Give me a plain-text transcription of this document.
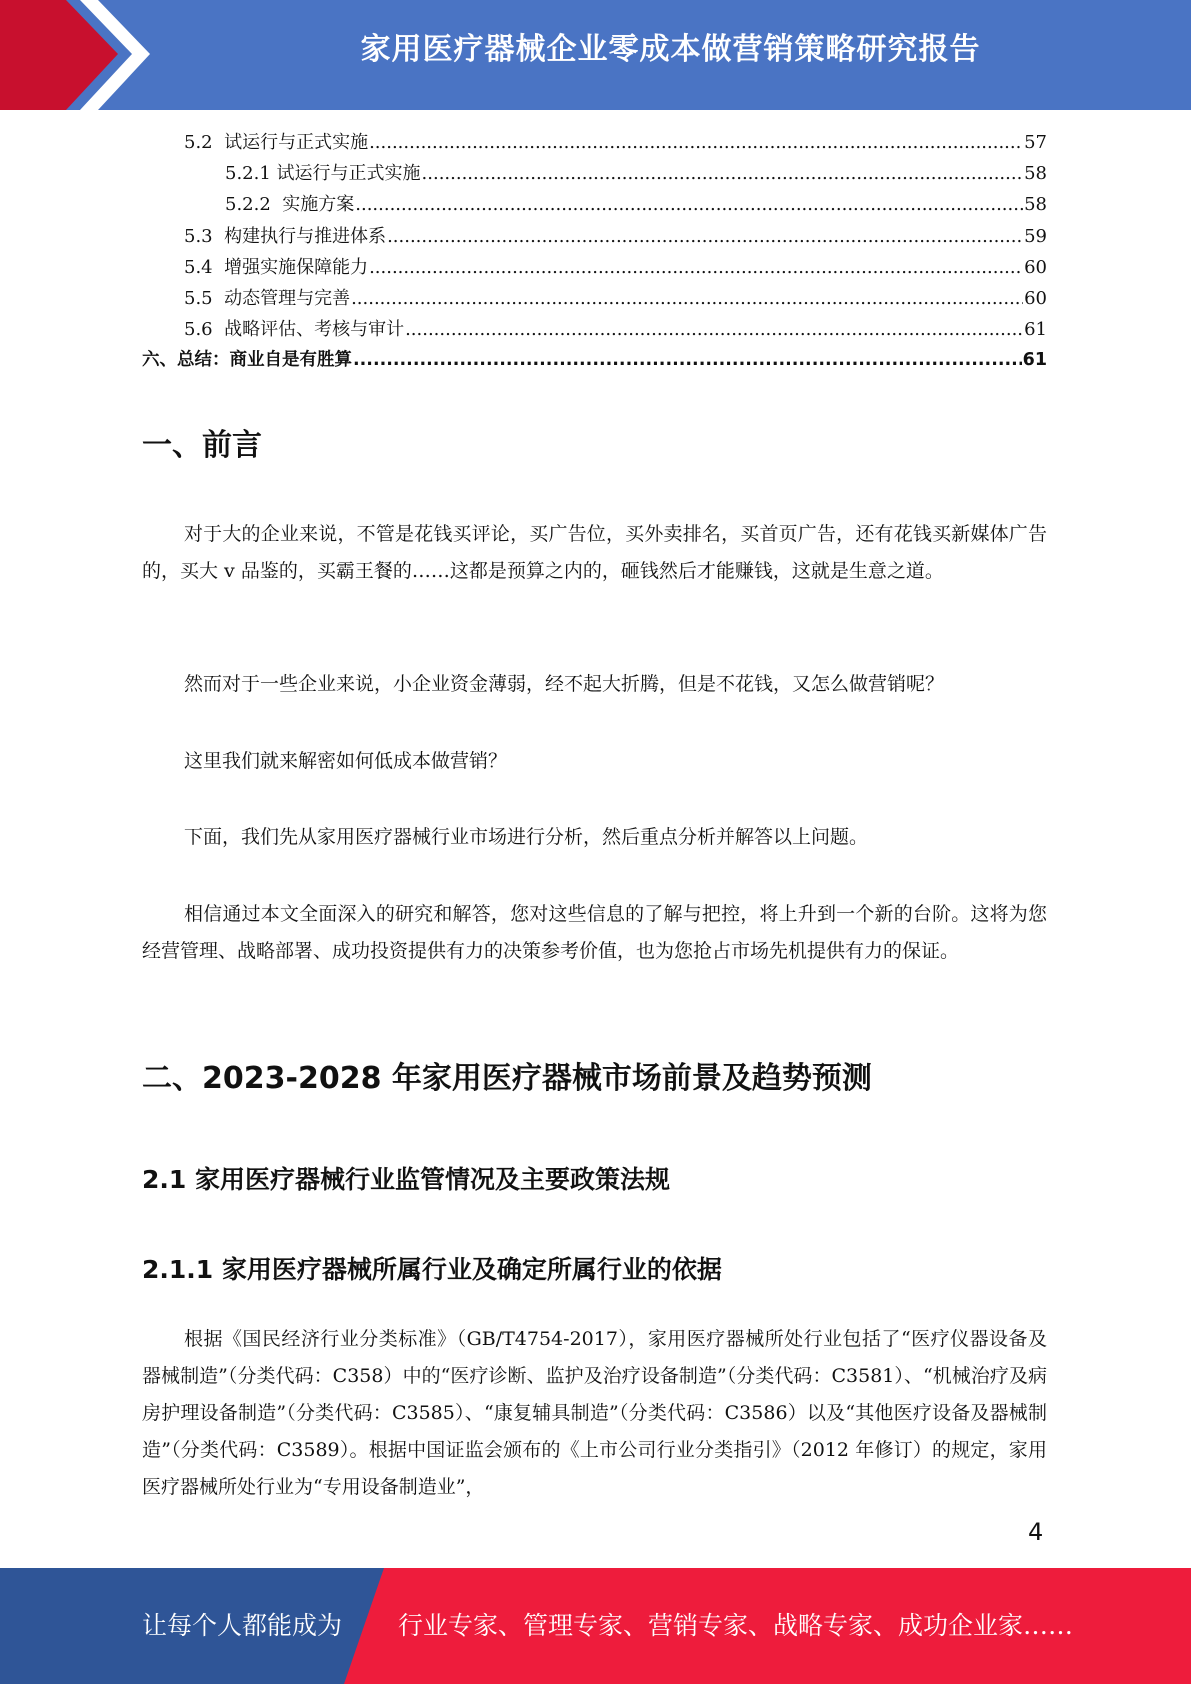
家用医疗器械企业零成本做营销策略研究报告
5.2  试运行与正式实施 .....	57
5.2.1 试运行与正式实施 .....	58
5.2.2  实施方案 .....	58
5.3  构建执行与推进体系 .....	59
5.4  增强实施保障能力 .....	60
5.5  动态管理与完善 .....	60
5.6  战略评估、考核与审计 .....	61
六、总结：商业自是有胜算 .....	61
一、前言

对于大的企业来说，不管是花钱买评论，买广告位，买外卖排名，买首页广告，还有花钱买新媒体广告的，买大 v 品鉴的，买霸王餐的……这都是预算之内的，砸钱然后才能赚钱，这就是生意之道。

然而对于一些企业来说，小企业资金薄弱，经不起大折腾，但是不花钱，又怎么做营销呢？

这里我们就来解密如何低成本做营销？

下面，我们先从家用医疗器械行业市场进行分析，然后重点分析并解答以上问题。

相信通过本文全面深入的研究和解答，您对这些信息的了解与把控，将上升到一个新的台阶。这将为您经营管理、战略部署、成功投资提供有力的决策参考价值，也为您抢占市场先机提供有力的保证。

二、2023-2028 年家用医疗器械市场前景及趋势预测
2.1 家用医疗器械行业监管情况及主要政策法规
2.1.1 家用医疗器械所属行业及确定所属行业的依据

根据《国民经济行业分类标准》（GB/T4754-2017），家用医疗器械所处行业包括了“医疗仪器设备及器械制造”（分类代码：C358）中的“医疗诊断、监护及治疗设备制造”（分类代码：C3581）、“机械治疗及病房护理设备制造”（分类代码：C3585）、“康复辅具制造”（分类代码：C3586）以及“其他医疗设备及器械制造”（分类代码：C3589）。根据中国证监会颁布的《上市公司行业分类指引》（2012 年修订）的规定，家用医疗器械所处行业为“专用设备制造业”，

4
让每个人都能成为 行业专家、管理专家、营销专家、战略专家、成功企业家……
